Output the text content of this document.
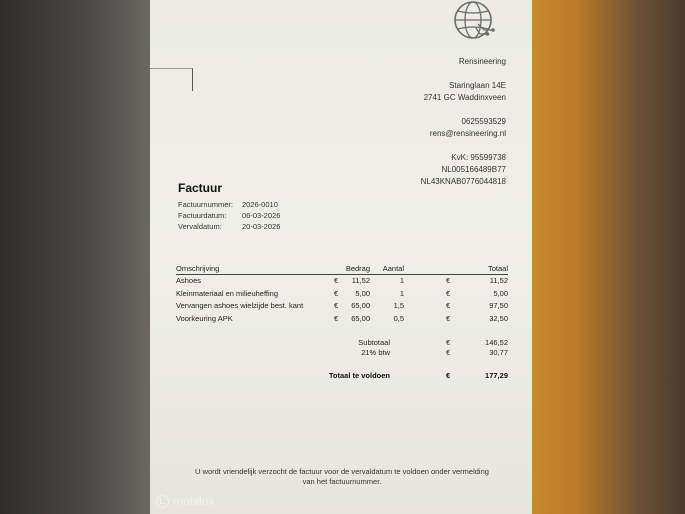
Rensineering
Staringlaan 14E
2741 GC Waddinxveen
0625593529
rens@rensineering.nl
KvK: 95599738
NL005166489B77
NL43KNAB0776044818
Factuur
Factuurnummer:	2026-0010
Factuurdatum:	06-03-2026
Vervaldatum:	20-03-2026
Omschrijving	Bedrag Aantal	Totaal
Ashoes	€ 11,52	1	€	11,52
Kleinmateriaal en milieuheffing	€ 5,00	1	€	5,00
Vervangen ashoes wielzijde best. kant	€ 65,00	1,5	€	97,50
Voorkeuring APK	€ 65,00	0,5	€	32,50
Subtotaal	€	146,52
21% btw	€	30,77
Totaal te voldoen	€	177,29
U wordt vriendelijk verzocht de factuur voor de vervaldatum te voldoen onder vermelding
van het factuurnummer.
mobilox
